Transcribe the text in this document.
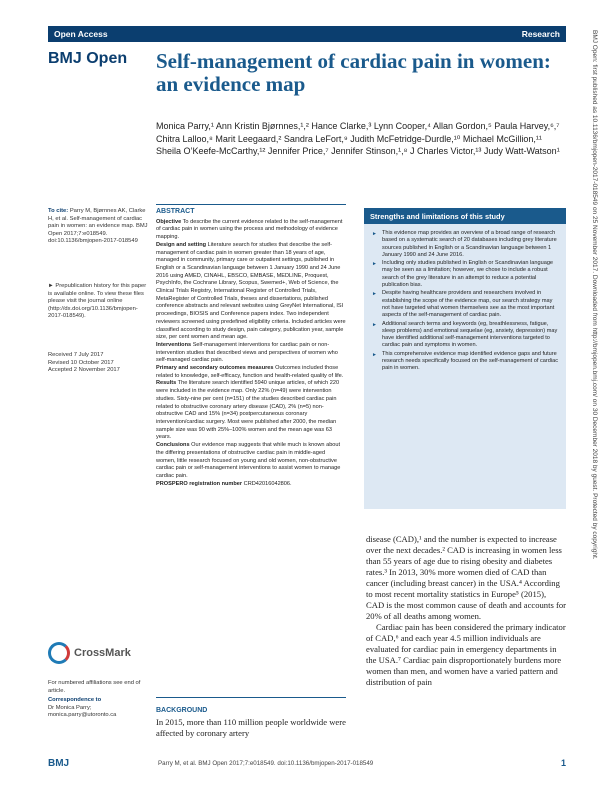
Open Access	Research
BMJ Open Self-management of cardiac pain in women: an evidence map
Monica Parry,¹ Ann Kristin Bjørnnes,¹,² Hance Clarke,³ Lynn Cooper,⁴ Allan Gordon,⁵ Paula Harvey,⁶,⁷ Chitra Lalloo,⁸ Marit Leegaard,² Sandra LeFort,⁹ Judith McFetridge-Durdle,¹⁰ Michael McGillion,¹¹ Sheila O’Keefe-McCarthy,¹² Jennifer Price,⁷ Jennifer Stinson,¹,⁸ J Charles Victor,¹³ Judy Watt-Watson¹
To cite: Parry M, Bjørnnes AK, Clarke H, et al. Self-management of cardiac pain in women: an evidence map. BMJ Open 2017;7:e018549. doi:10.1136/bmjopen-2017-018549
► Prepublication history for this paper is available online. To view these files please visit the journal online (http://dx.doi.org/10.1136/bmjopen-2017-018549).
Received 7 July 2017
Revised 10 October 2017
Accepted 2 November 2017
CrossMark
For numbered affiliations see end of article.
Correspondence to
Dr Monica Parry;
monica.parry@utoronto.ca
ABSTRACT
Objective To describe the current evidence related to the self-management of cardiac pain in women using the process and methodology of evidence mapping.
Design and setting Literature search for studies that describe the self-management of cardiac pain in women greater than 18 years of age, managed in community, primary care or outpatient settings, published in English or a Scandinavian language between 1 January 1990 and 24 June 2016 using AMED, CINAHL, EBSCO, EMBASE, MEDLINE, Proquest, PsychInfo, the Cochrane Library, Scopus, Swemed+, Web of Science, the Clinical Trials Registry, International Register of Controlled Trials, MetaRegister of Controlled Trials, theses and dissertations, published conference abstracts and relevant websites using GreyNet International, ISI proceedings, BIOSIS and Conference papers index. Two independent reviewers screened using predefined eligibility criteria. Included articles were classified according to study design, pain category, publication year, sample size, per cent women and mean age.
Interventions Self-management interventions for cardiac pain or non-intervention studies that described views and perspectives of women who self-managed cardiac pain.
Primary and secondary outcomes measures Outcomes included those related to knowledge, self-efficacy, function and health-related quality of life.
Results The literature search identified 5940 unique articles, of which 220 were included in the evidence map. Only 22% (n=49) were intervention studies. Sixty-nine per cent (n=151) of the studies described cardiac pain related to obstructive coronary artery disease (CAD), 2% (n=5) non-obstructive CAD and 15% (n=34) postpercutaneous coronary intervention/cardiac surgery. Most were published after 2000, the median sample size was 90 with 25%–100% women and the mean age was 63 years.
Conclusions Our evidence map suggests that while much is known about the differing presentations of obstructive cardiac pain in middle-aged women, little research focused on young and old women, non-obstructive cardiac pain or self-management interventions to assist women to manage cardiac pain.
PROSPERO registration number CRD42016042806.
BACKGROUND
In 2015, more than 110 million people worldwide were affected by coronary artery
Strengths and limitations of this study
► This evidence map provides an overview of a broad range of research based on a systematic search of 20 databases including grey literature sources published in English or a Scandinavian language between 1 January 1990 and 24 June 2016.
► Including only studies published in English or Scandinavian language may be seen as a limitation; however, we chose to include a robust search of the grey literature in an attempt to reduce a potential publication bias.
► Despite having healthcare providers and researchers involved in establishing the scope of the evidence map, our search strategy may not have targeted what women themselves see as the most important aspects of the self-management of cardiac pain.
► Additional search terms and keywords (eg, breathlessness, fatigue, sleep problems) and emotional sequelae (eg, anxiety, depression) may have identified additional self-management interventions targeted to cardiac pain and symptoms in women.
► This comprehensive evidence map identified evidence gaps and future research needs specifically focused on the self-management of cardiac pain in women.

disease (CAD),¹ and the number is expected to increase over the next decades.² CAD is increasing in women less than 55 years of age due to rising obesity and diabetes rates.³ In 2013, 30% more women died of CAD than cancer (including breast cancer) in the USA.⁴ According to most recent mortality statistics in Europe⁵ (2015), CAD is the most common cause of death and accounts for 20% of all deaths among women.

Cardiac pain has been considered the primary indicator of CAD,⁶ and each year 4.5 million individuals are evaluated for cardiac pain in emergency departments in the USA.⁷ Cardiac pain disproportionately burdens more women than men, and women have a varied pattern and distribution of pain

BMJ Open: first published as 10.1136/bmjopen-2017-018549 on 25 November 2017. Downloaded from http://bmjopen.bmj.com/ on 30 December 2018 by guest. Protected by copyright.
BMJ	Parry M, et al. BMJ Open 2017;7:e018549. doi:10.1136/bmjopen-2017-018549	1
